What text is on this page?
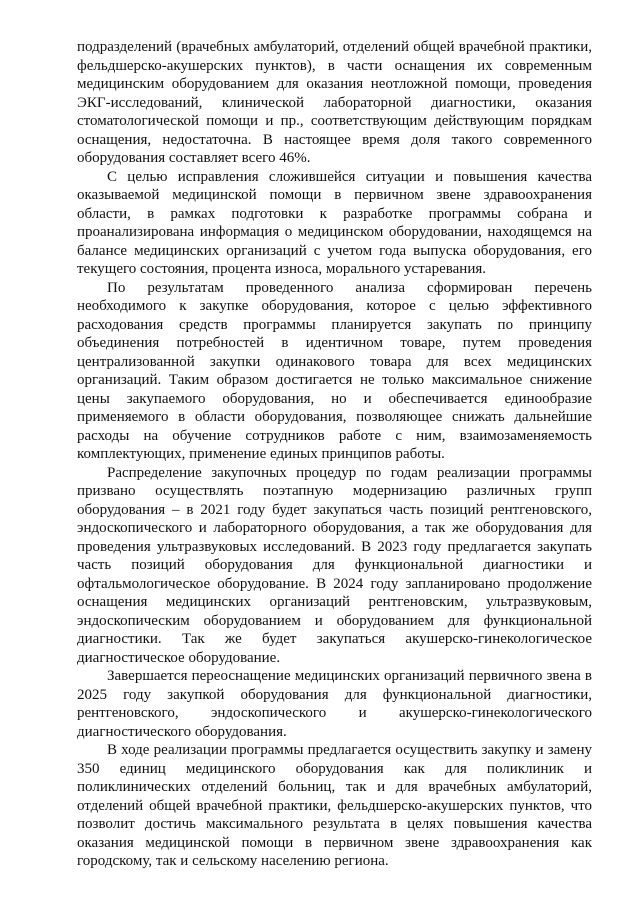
подразделений (врачебных амбулаторий, отделений общей врачебной практики, фельдшерско-акушерских пунктов), в части оснащения их современным медицинским оборудованием для оказания неотложной помощи, проведения ЭКГ-исследований, клинической лабораторной диагностики, оказания стоматологической помощи и пр., соответствующим действующим порядкам оснащения, недостаточна. В настоящее время доля такого современного оборудования составляет всего 46%.

С целью исправления сложившейся ситуации и повышения качества оказываемой медицинской помощи в первичном звене здравоохранения области, в рамках подготовки к разработке программы собрана и проанализирована информация о медицинском оборудовании, находящемся на балансе медицинских организаций с учетом года выпуска оборудования, его текущего состояния, процента износа, морального устаревания.

По результатам проведенного анализа сформирован перечень необходимого к закупке оборудования, которое с целью эффективного расходования средств программы планируется закупать по принципу объединения потребностей в идентичном товаре, путем проведения централизованной закупки одинакового товара для всех медицинских организаций. Таким образом достигается не только максимальное снижение цены закупаемого оборудования, но и обеспечивается единообразие применяемого в области оборудования, позволяющее снижать дальнейшие расходы на обучение сотрудников работе с ним, взаимозаменяемость комплектующих, применение единых принципов работы.

Распределение закупочных процедур по годам реализации программы призвано осуществлять поэтапную модернизацию различных групп оборудования – в 2021 году будет закупаться часть позиций рентгеновского, эндоскопического и лабораторного оборудования, а так же оборудования для проведения ультразвуковых исследований. В 2023 году предлагается закупать часть позиций оборудования для функциональной диагностики и офтальмологическое оборудование. В 2024 году запланировано продолжение оснащения медицинских организаций рентгеновским, ультразвуковым, эндоскопическим оборудованием и оборудованием для функциональной диагностики. Так же будет закупаться акушерско-гинекологическое диагностическое оборудование.

Завершается переоснащение медицинских организаций первичного звена в 2025 году закупкой оборудования для функциональной диагностики, рентгеновского, эндоскопического и акушерско-гинекологического диагностического оборудования.

В ходе реализации программы предлагается осуществить закупку и замену 350 единиц медицинского оборудования как для поликлиник и поликлинических отделений больниц, так и для врачебных амбулаторий, отделений общей врачебной практики, фельдшерско-акушерских пунктов, что позволит достичь максимального результата в целях повышения качества оказания медицинской помощи в первичном звене здравоохранения как городскому, так и сельскому населению региона.
